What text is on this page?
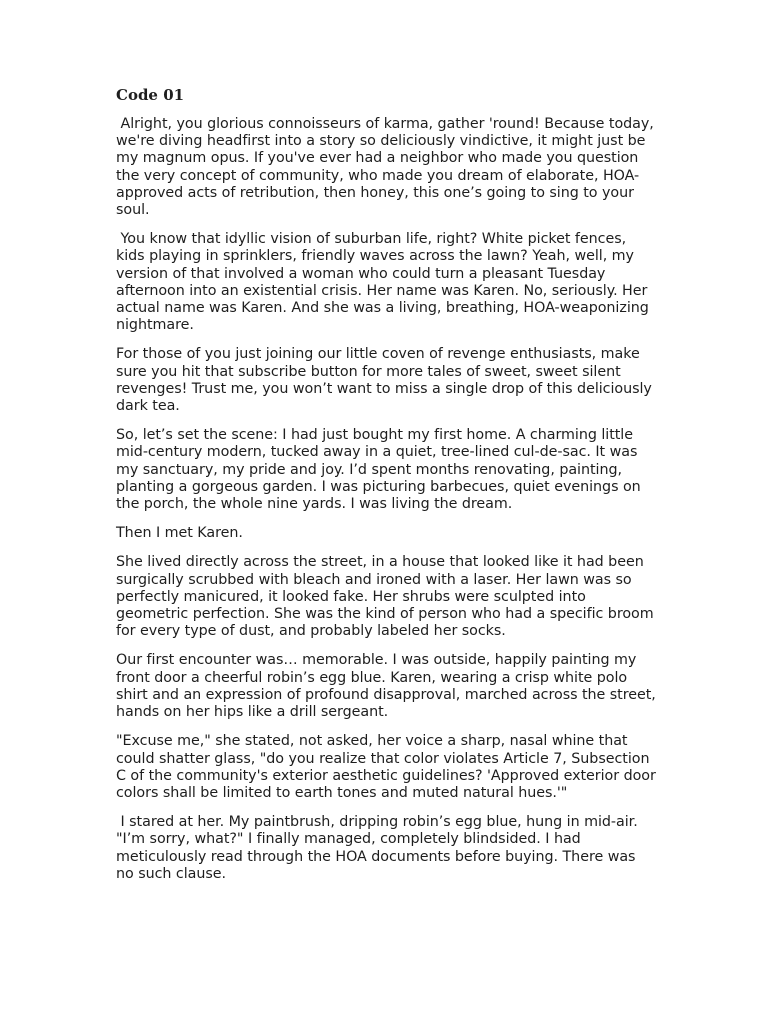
Code 01
Alright, you glorious connoisseurs of karma, gather 'round! Because today, we're diving headfirst into a story so deliciously vindictive, it might just be my magnum opus. If you've ever had a neighbor who made you question the very concept of community, who made you dream of elaborate, HOA-approved acts of retribution, then honey, this one’s going to sing to your soul.
You know that idyllic vision of suburban life, right? White picket fences, kids playing in sprinklers, friendly waves across the lawn? Yeah, well, my version of that involved a woman who could turn a pleasant Tuesday afternoon into an existential crisis. Her name was Karen. No, seriously. Her actual name was Karen. And she was a living, breathing, HOA-weaponizing nightmare.
For those of you just joining our little coven of revenge enthusiasts, make sure you hit that subscribe button for more tales of sweet, sweet silent revenges! Trust me, you won’t want to miss a single drop of this deliciously dark tea.
So, let’s set the scene: I had just bought my first home. A charming little mid-century modern, tucked away in a quiet, tree-lined cul-de-sac. It was my sanctuary, my pride and joy. I’d spent months renovating, painting, planting a gorgeous garden. I was picturing barbecues, quiet evenings on the porch, the whole nine yards. I was living the dream.
Then I met Karen.
She lived directly across the street, in a house that looked like it had been surgically scrubbed with bleach and ironed with a laser. Her lawn was so perfectly manicured, it looked fake. Her shrubs were sculpted into geometric perfection. She was the kind of person who had a specific broom for every type of dust, and probably labeled her socks.
Our first encounter was… memorable. I was outside, happily painting my front door a cheerful robin’s egg blue. Karen, wearing a crisp white polo shirt and an expression of profound disapproval, marched across the street, hands on her hips like a drill sergeant.
"Excuse me," she stated, not asked, her voice a sharp, nasal whine that could shatter glass, "do you realize that color violates Article 7, Subsection C of the community's exterior aesthetic guidelines? 'Approved exterior door colors shall be limited to earth tones and muted natural hues.'"
I stared at her. My paintbrush, dripping robin’s egg blue, hung in mid-air. "I’m sorry, what?" I finally managed, completely blindsided. I had meticulously read through the HOA documents before buying. There was no such clause.
